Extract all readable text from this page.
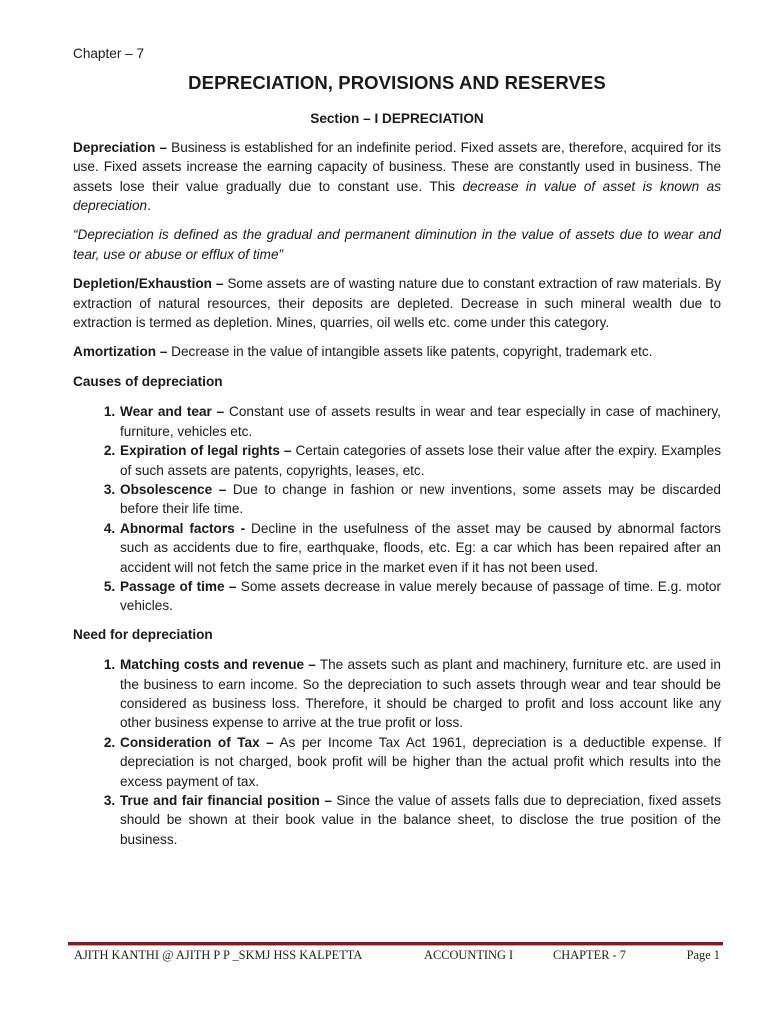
Chapter – 7
DEPRECIATION, PROVISIONS AND RESERVES
Section – I DEPRECIATION

Depreciation – Business is established for an indefinite period. Fixed assets are, therefore, acquired for its use. Fixed assets increase the earning capacity of business. These are constantly used in business. The assets lose their value gradually due to constant use. This decrease in value of asset is known as depreciation.

“Depreciation is defined as the gradual and permanent diminution in the value of assets due to wear and tear, use or abuse or efflux of time”

Depletion/Exhaustion – Some assets are of wasting nature due to constant extraction of raw materials. By extraction of natural resources, their deposits are depleted. Decrease in such mineral wealth due to extraction is termed as depletion. Mines, quarries, oil wells etc. come under this category.

Amortization – Decrease in the value of intangible assets like patents, copyright, trademark etc.

Causes of depreciation
1. Wear and tear – Constant use of assets results in wear and tear especially in case of machinery, furniture, vehicles etc.
2. Expiration of legal rights – Certain categories of assets lose their value after the expiry. Examples of such assets are patents, copyrights, leases, etc.
3. Obsolescence – Due to change in fashion or new inventions, some assets may be discarded before their life time.
4. Abnormal factors - Decline in the usefulness of the asset may be caused by abnormal factors such as accidents due to fire, earthquake, floods, etc. Eg: a car which has been repaired after an accident will not fetch the same price in the market even if it has not been used.
5. Passage of time – Some assets decrease in value merely because of passage of time. E.g. motor vehicles.
Need for depreciation
1. Matching costs and revenue – The assets such as plant and machinery, furniture etc. are used in the business to earn income. So the depreciation to such assets through wear and tear should be considered as business loss. Therefore, it should be charged to profit and loss account like any other business expense to arrive at the true profit or loss.
2. Consideration of Tax – As per Income Tax Act 1961, depreciation is a deductible expense. If depreciation is not charged, book profit will be higher than the actual profit which results into the excess payment of tax.
3. True and fair financial position – Since the value of assets falls due to depreciation, fixed assets should be shown at their book value in the balance sheet, to disclose the true position of the business.
AJITH KANTHI @ AJITH P P _SKMJ HSS KALPETTA	ACCOUNTING I	CHAPTER - 7	Page 1
